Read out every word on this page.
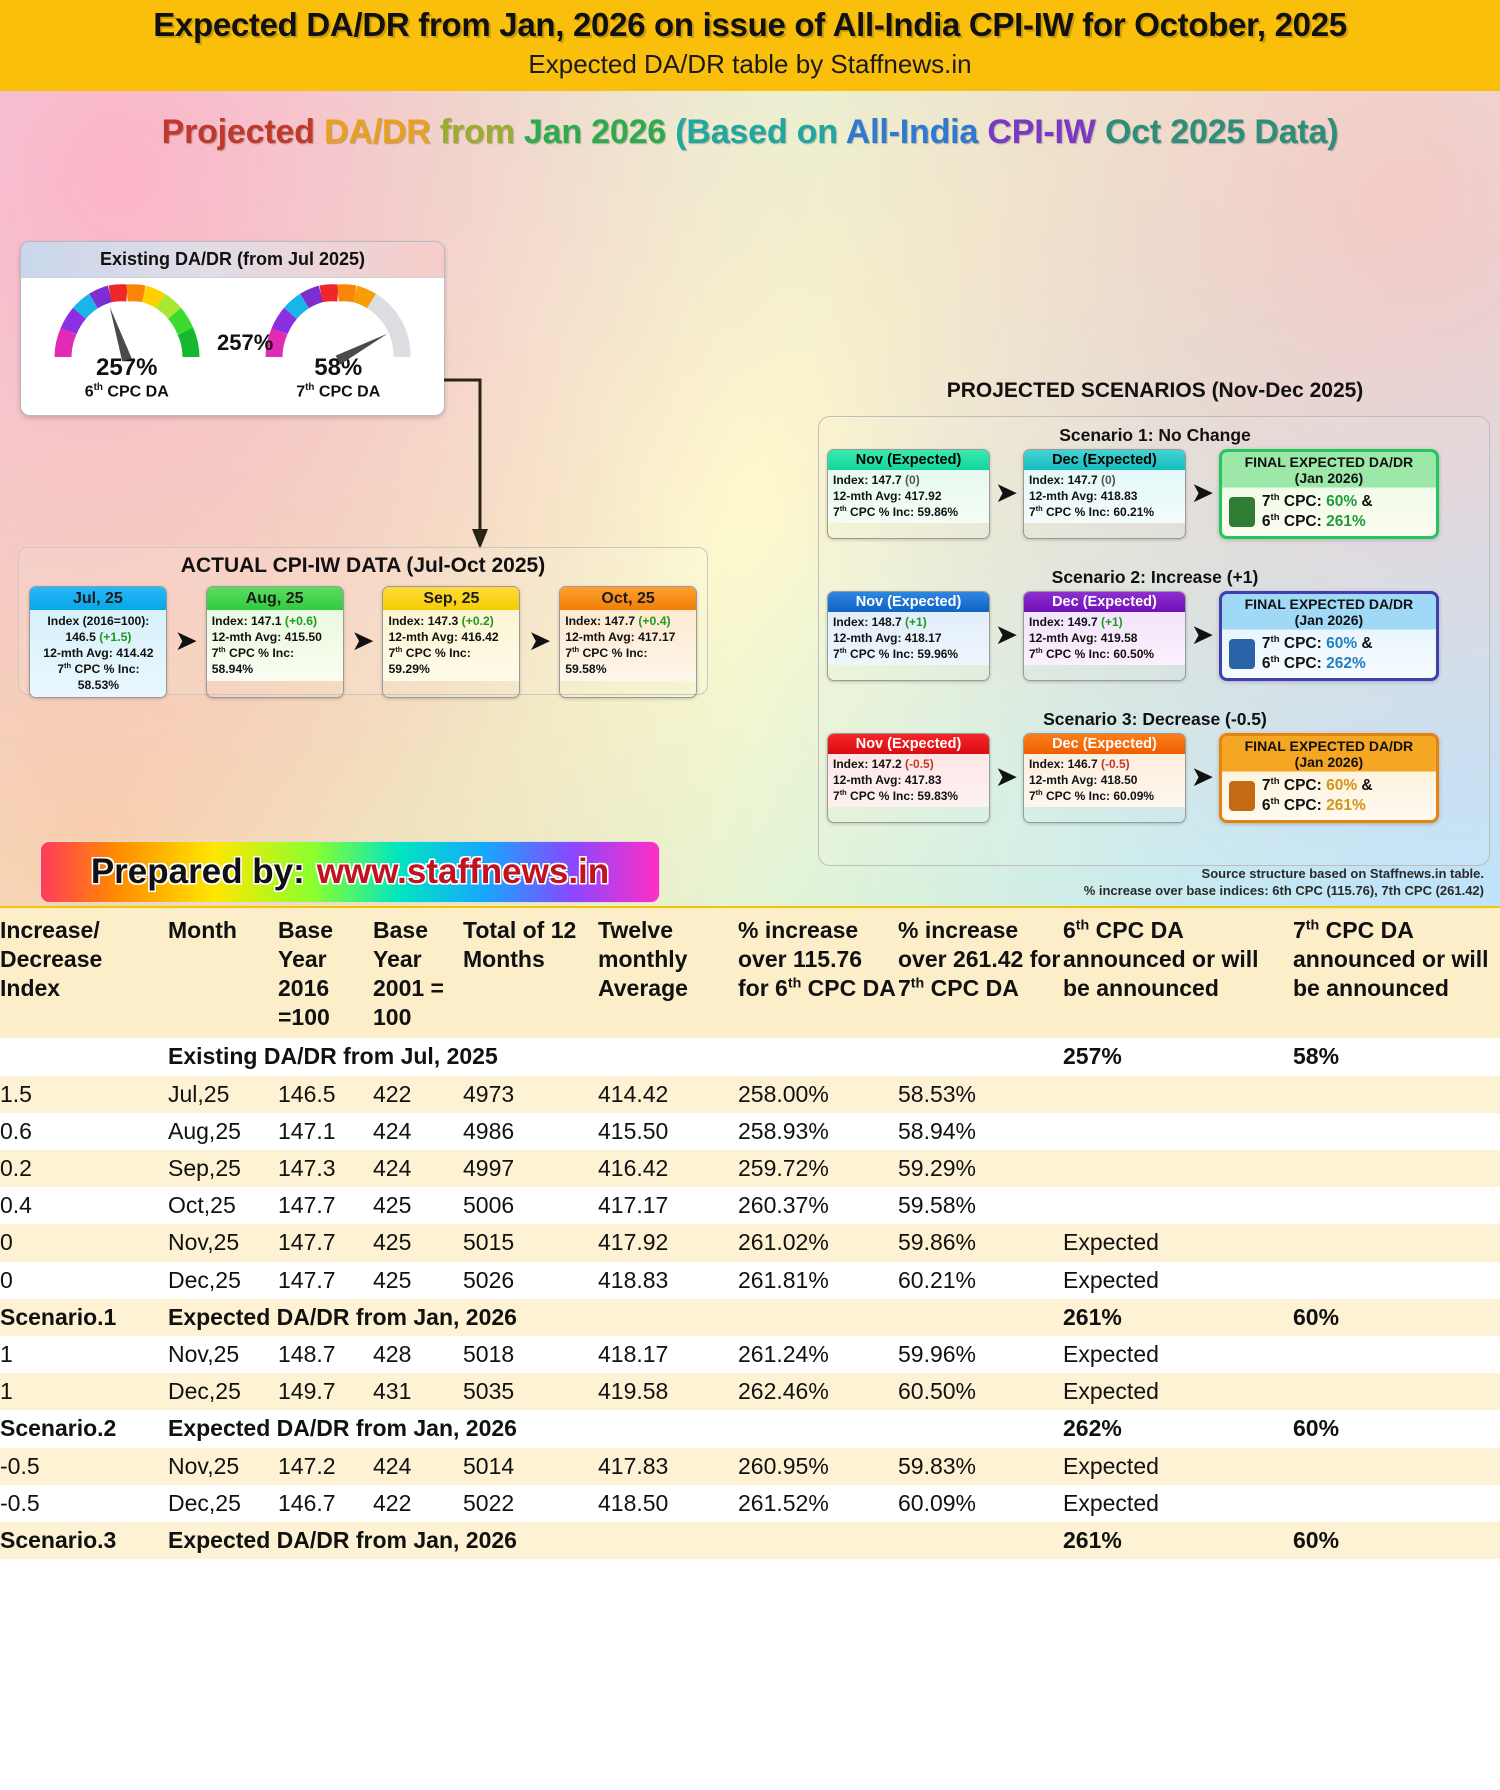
Expected DA/DR from Jan, 2026 on issue of All-India CPI-IW for October, 2025
Expected DA/DR table by Staffnews.in
Projected DA/DR from Jan 2026 (Based on All-India CPI-IW Oct 2025 Data)
Existing DA/DR (from Jul 2025)
257%
6th CPC DA
58%
7th CPC DA
257%
ACTUAL CPI-IW DATA (Jul-Oct 2025)
Jul, 25
Index (2016=100):
146.5 (+1.5)
12-mth Avg: 414.42
7th CPC % Inc: 58.53%
➤
Aug, 25
Index: 147.1 (+0.6)
12-mth Avg: 415.50
7th CPC % Inc: 58.94%
➤
Sep, 25
Index: 147.3 (+0.2)
12-mth Avg: 416.42
7th CPC % Inc: 59.29%
➤
Oct, 25
Index: 147.7 (+0.4)
12-mth Avg: 417.17
7th CPC % Inc: 59.58%
Prepared by: www.staffnews.in
PROJECTED SCENARIOS (Nov-Dec 2025)
Scenario 1: No Change
Nov (Expected)
Index: 147.7 (0)
12-mth Avg: 417.92
7th CPC % Inc: 59.86%
➤
Dec (Expected)
Index: 147.7 (0)
12-mth Avg: 418.83
7th CPC % Inc: 60.21%
➤
FINAL EXPECTED DA/DR
(Jan 2026)
7th CPC: 60% &
6th CPC: 261%
Scenario 2: Increase (+1)
Nov (Expected)
Index: 148.7 (+1)
12-mth Avg: 418.17
7th CPC % Inc: 59.96%
➤
Dec (Expected)
Index: 149.7 (+1)
12-mth Avg: 419.58
7th CPC % Inc: 60.50%
➤
FINAL EXPECTED DA/DR
(Jan 2026)
7th CPC: 60% &
6th CPC: 262%
Scenario 3: Decrease (-0.5)
Nov (Expected)
Index: 147.2 (-0.5)
12-mth Avg: 417.83
7th CPC % Inc: 59.83%
➤
Dec (Expected)
Index: 146.7 (-0.5)
12-mth Avg: 418.50
7th CPC % Inc: 60.09%
➤
FINAL EXPECTED DA/DR
(Jan 2026)
7th CPC: 60% &
6th CPC: 261%
Source structure based on Staffnews.in table.
% increase over base indices: 6th CPC (115.76), 7th CPC (261.42)
Increase/ Decrease Index	Month	Base Year 2016 =100	Base Year 2001 = 100	Total of 12 Months	Twelve monthly Average	% increase over 115.76 for 6th CPC DA	% increase over 261.42 for 7th CPC DA	6th CPC DA announced or will be announced	7th CPC DA announced or will be announced
	Existing DA/DR from Jul, 2025							257%	58%
1.5	Jul,25	146.5	422	4973	414.42	258.00%	58.53%		
0.6	Aug,25	147.1	424	4986	415.50	258.93%	58.94%		
0.2	Sep,25	147.3	424	4997	416.42	259.72%	59.29%		
0.4	Oct,25	147.7	425	5006	417.17	260.37%	59.58%		
0	Nov,25	147.7	425	5015	417.92	261.02%	59.86%	Expected	
0	Dec,25	147.7	425	5026	418.83	261.81%	60.21%	Expected	
Scenario.1	Expected DA/DR from Jan, 2026							261%	60%
1	Nov,25	148.7	428	5018	418.17	261.24%	59.96%	Expected	
1	Dec,25	149.7	431	5035	419.58	262.46%	60.50%	Expected	
Scenario.2	Expected DA/DR from Jan, 2026							262%	60%
-0.5	Nov,25	147.2	424	5014	417.83	260.95%	59.83%	Expected	
-0.5	Dec,25	146.7	422	5022	418.50	261.52%	60.09%	Expected	
Scenario.3	Expected DA/DR from Jan, 2026							261%	60%
